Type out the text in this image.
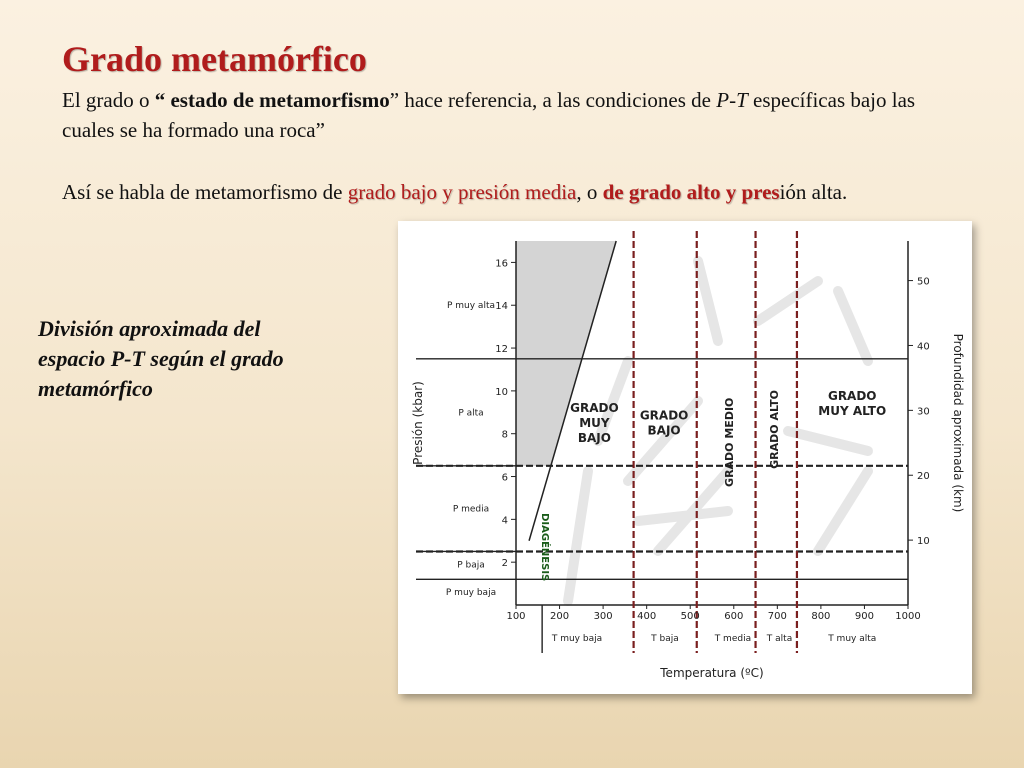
Grado metamórfico
El grado o “ estado de metamorfismo” hace referencia, a las condiciones de P-T específicas bajo las cuales se ha formado una roca”
Así se habla de metamorfismo de grado bajo y presión media, o de grado alto y presión alta.
División aproximada del espacio P-T según el grado metamórfico
2
4
6
8
10
12
14
16
10
20
30
40
50
100 200 300 400 500 600 700 800 900 1000
P muy alta
P alta
P media
P baja
P muy baja
T muy baja	T baja	T media T alta	T muy alta
Presión (kbar)	Profundidad aproximada (km)
Temperatura (ºC)
GRADO
MUY
BAJO
GRADO
BAJO	GRADO MEDIO	GRADO ALTO	GRADO
MUY ALTO
DIAGÉNESIS
